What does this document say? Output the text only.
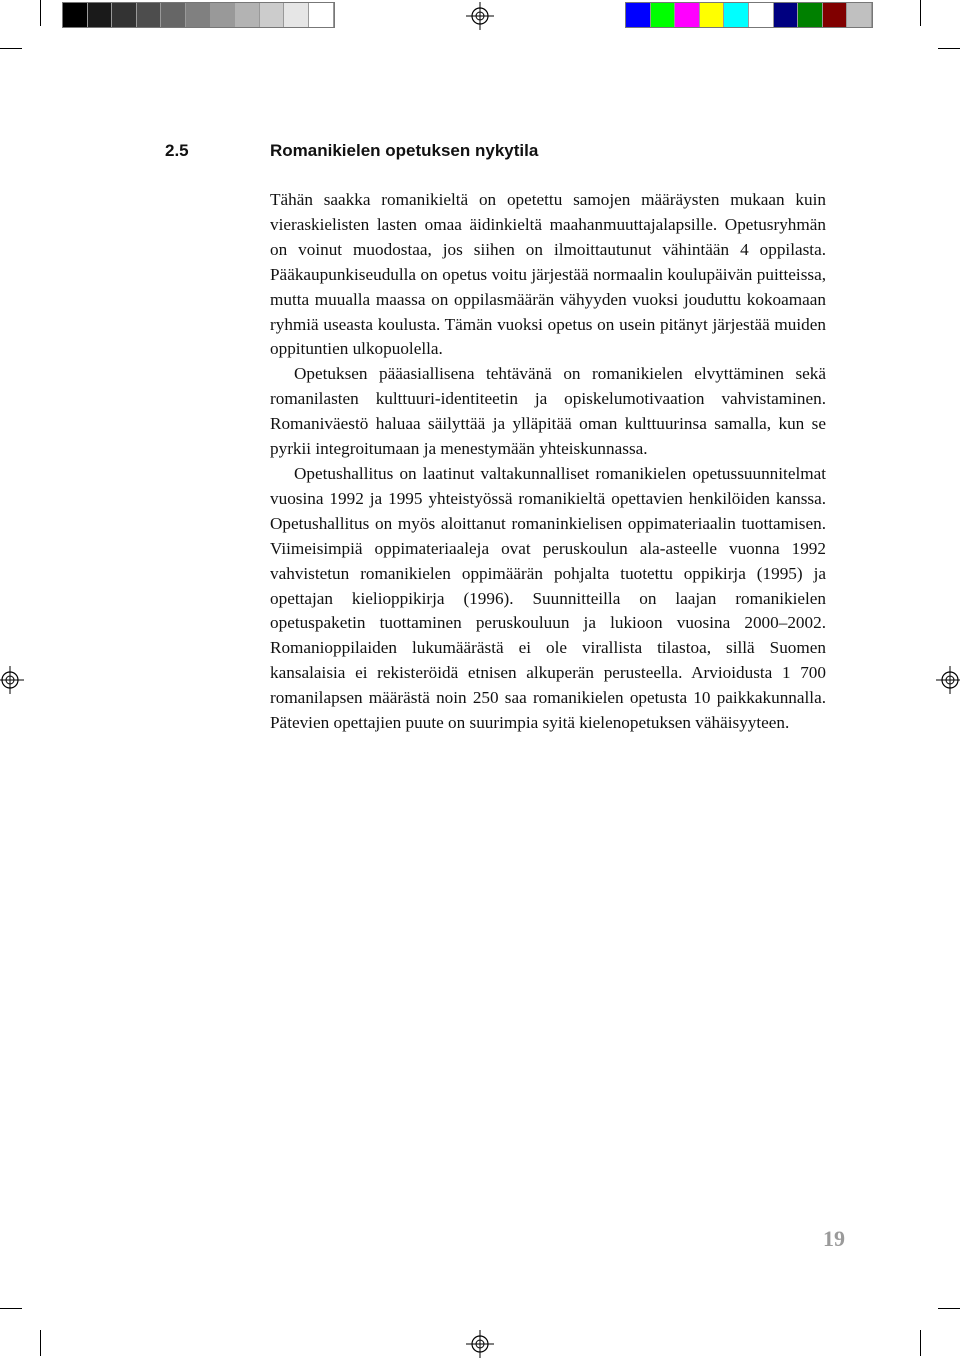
2.5	Romanikielen opetuksen nykytila

Tähän saakka romanikieltä on opetettu samojen määräysten mukaan kuin vieraskielisten lasten omaa äidinkieltä maahanmuuttajalapsille. Opetusryhmän on voinut muodostaa, jos siihen on ilmoittautunut vähintään 4 oppilasta. Pääkaupunkiseudulla on opetus voitu järjestää normaalin koulupäivän puitteissa, mutta muualla maassa on oppilasmäärän vähyyden vuoksi jouduttu kokoamaan ryhmiä useasta koulusta. Tämän vuoksi opetus on usein pitänyt järjestää muiden oppituntien ulkopuolella.

Opetuksen pääasiallisena tehtävänä on romanikielen elvyttäminen sekä romanilasten kulttuuri-identiteetin ja opiskelumotivaation vahvistaminen. Romaniväestö haluaa säilyttää ja ylläpitää oman kulttuurinsa samalla, kun se pyrkii integroitumaan ja menestymään yhteiskunnassa.

Opetushallitus on laatinut valtakunnalliset romanikielen opetussuunnitelmat vuosina 1992 ja 1995 yhteistyössä romanikieltä opettavien henkilöiden kanssa. Opetushallitus on myös aloittanut romaninkielisen oppimateriaalin tuottamisen. Viimeisimpiä oppimateriaaleja ovat peruskoulun ala-asteelle vuonna 1992 vahvistetun romanikielen oppimäärän pohjalta tuotettu oppikirja (1995) ja opettajan kielioppikirja (1996). Suunnitteilla on laajan romanikielen opetuspaketin tuottaminen peruskouluun ja lukioon vuosina 2000–2002. Romanioppilaiden lukumäärästä ei ole virallista tilastoa, sillä Suomen kansalaisia ei rekisteröidä etnisen alkuperän perusteella. Arvioidusta 1 700 romanilapsen määrästä noin 250 saa romanikielen opetusta 10 paikkakunnalla. Pätevien opettajien puute on suurimpia syitä kielenopetuksen vähäisyyteen.

19
